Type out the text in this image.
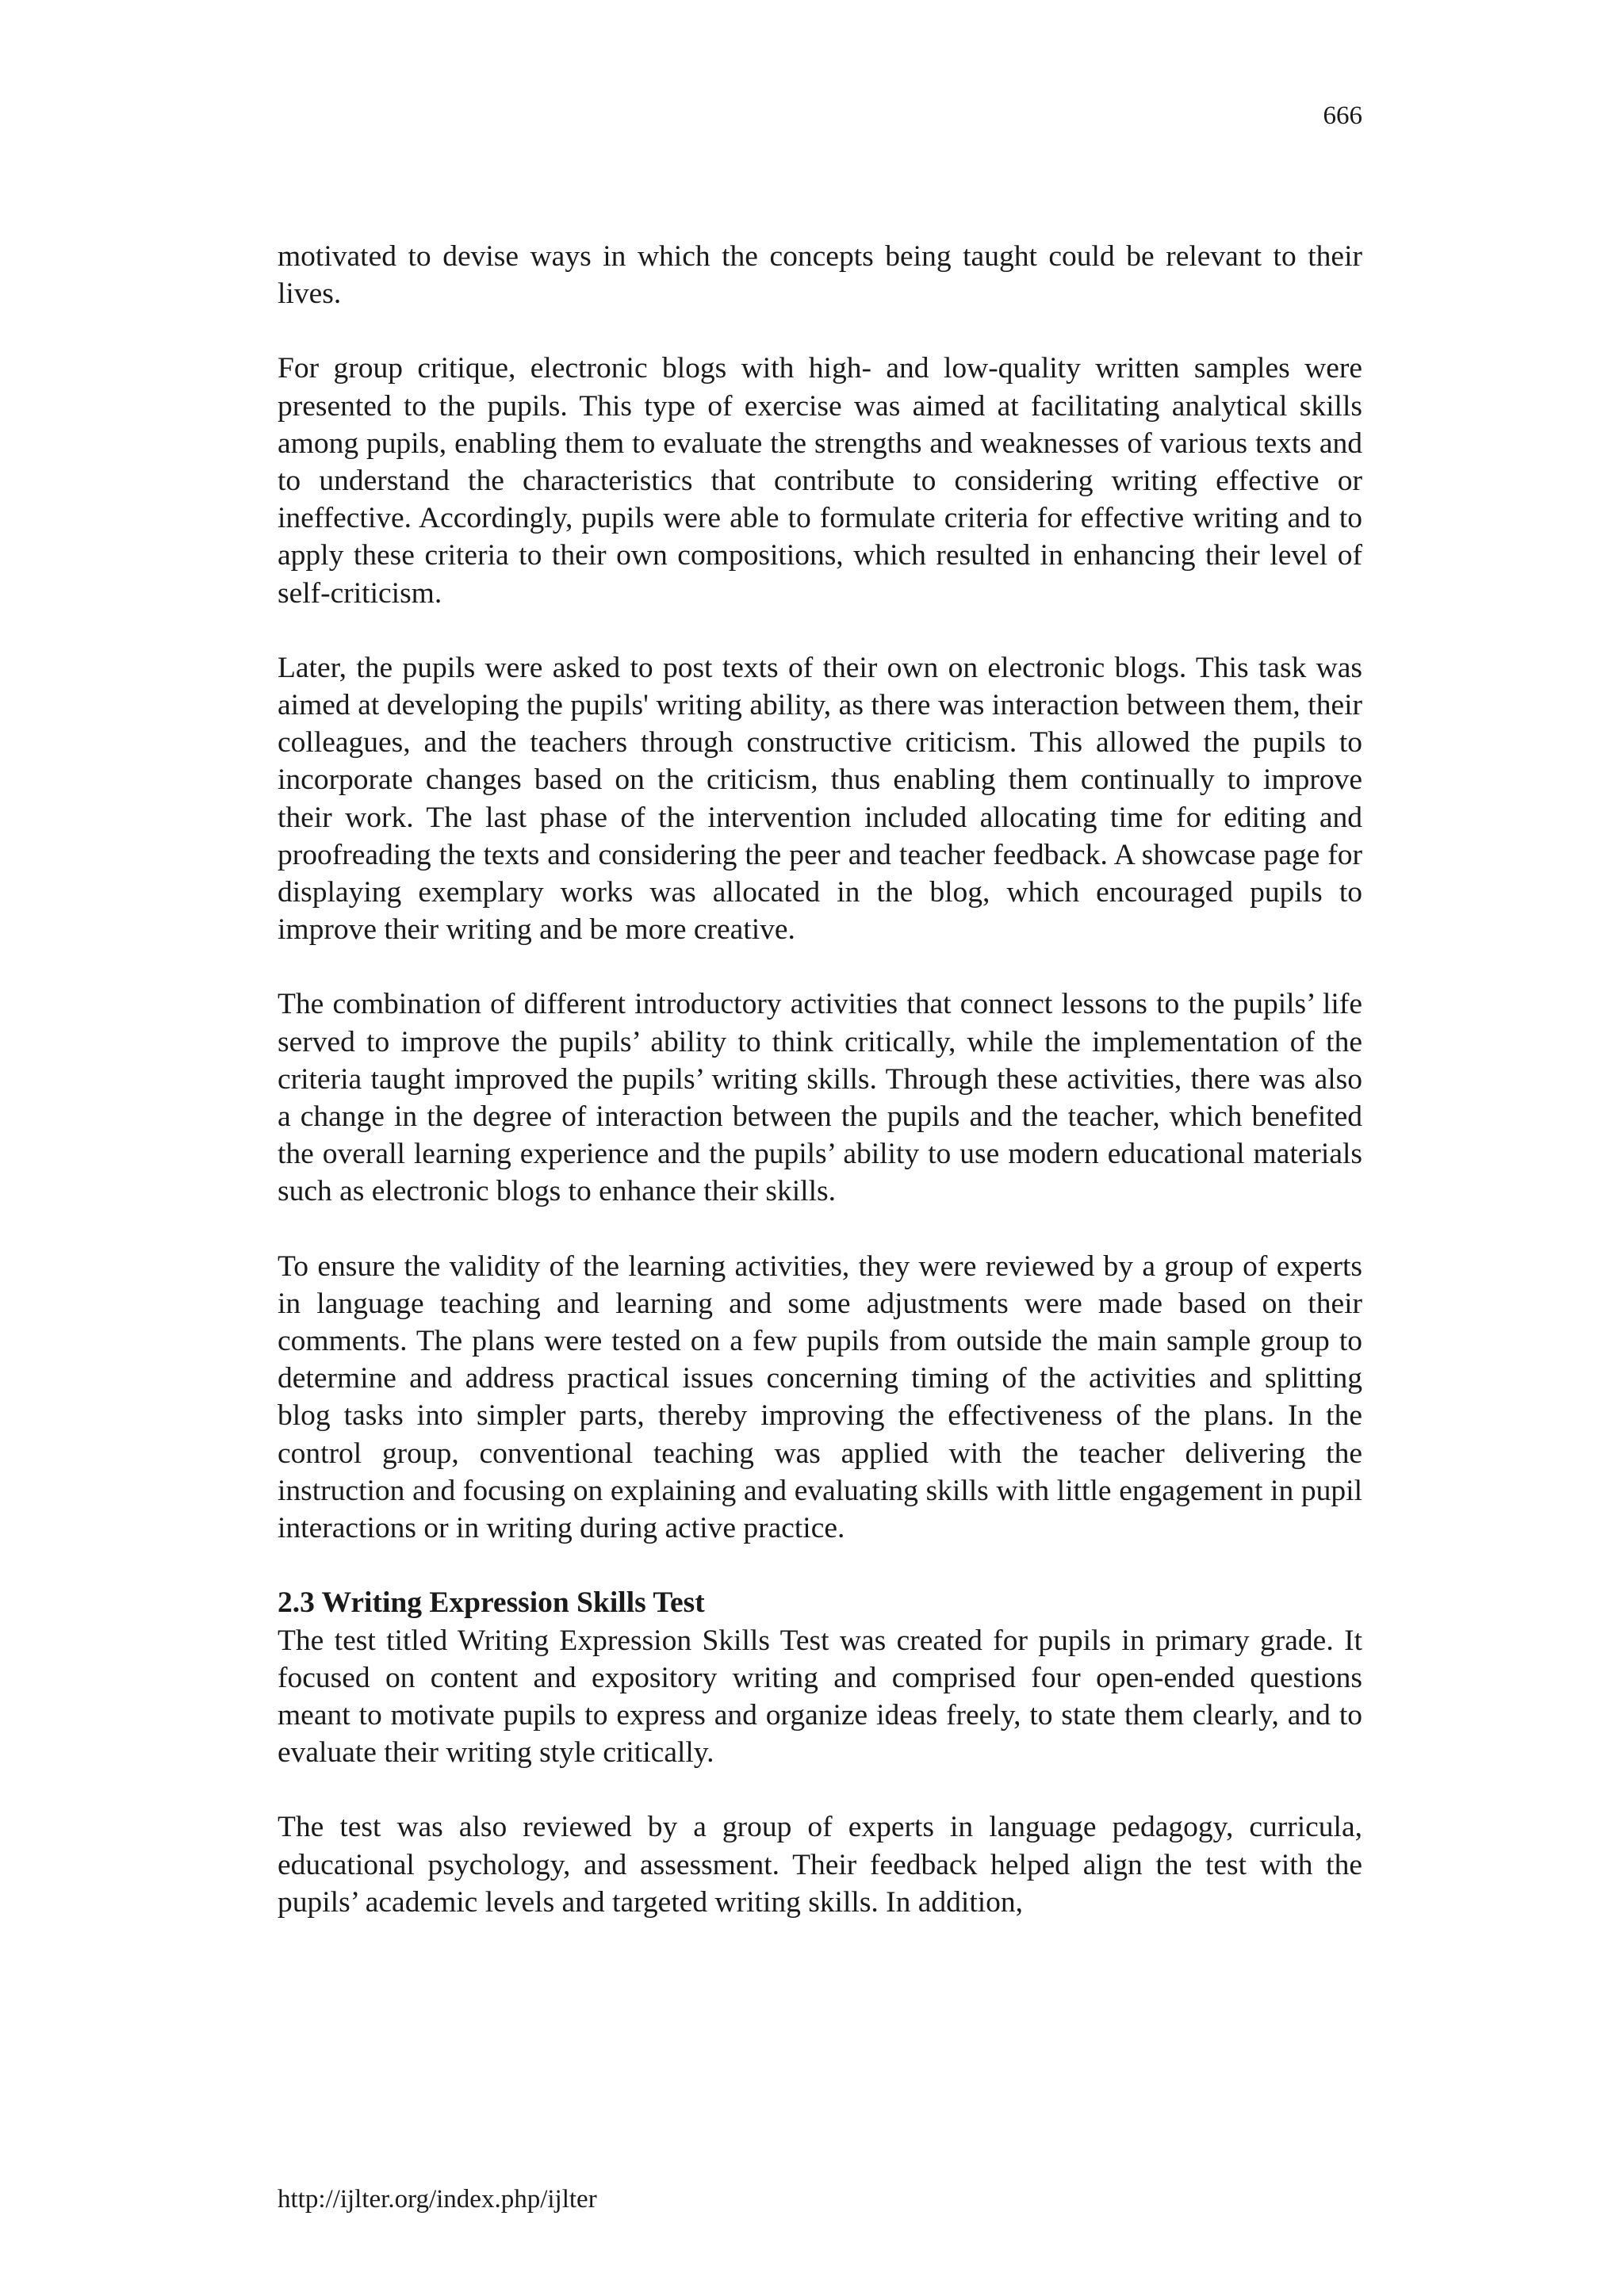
666

motivated to devise ways in which the concepts being taught could be relevant to their lives.

For group critique, electronic blogs with high- and low-quality written samples were presented to the pupils. This type of exercise was aimed at facilitating analytical skills among pupils, enabling them to evaluate the strengths and weaknesses of various texts and to understand the characteristics that contribute to considering writing effective or ineffective. Accordingly, pupils were able to formulate criteria for effective writing and to apply these criteria to their own compositions, which resulted in enhancing their level of self-criticism.

Later, the pupils were asked to post texts of their own on electronic blogs. This task was aimed at developing the pupils' writing ability, as there was interaction between them, their colleagues, and the teachers through constructive criticism. This allowed the pupils to incorporate changes based on the criticism, thus enabling them continually to improve their work. The last phase of the intervention included allocating time for editing and proofreading the texts and considering the peer and teacher feedback. A showcase page for displaying exemplary works was allocated in the blog, which encouraged pupils to improve their writing and be more creative.

The combination of different introductory activities that connect lessons to the pupils’ life served to improve the pupils’ ability to think critically, while the implementation of the criteria taught improved the pupils’ writing skills. Through these activities, there was also a change in the degree of interaction between the pupils and the teacher, which benefited the overall learning experience and the pupils’ ability to use modern educational materials such as electronic blogs to enhance their skills.

To ensure the validity of the learning activities, they were reviewed by a group of experts in language teaching and learning and some adjustments were made based on their comments. The plans were tested on a few pupils from outside the main sample group to determine and address practical issues concerning timing of the activities and splitting blog tasks into simpler parts, thereby improving the effectiveness of the plans. In the control group, conventional teaching was applied with the teacher delivering the instruction and focusing on explaining and evaluating skills with little engagement in pupil interactions or in writing during active practice.

2.3 Writing Expression Skills Test

The test titled Writing Expression Skills Test was created for pupils in primary grade. It focused on content and expository writing and comprised four open-ended questions meant to motivate pupils to express and organize ideas freely, to state them clearly, and to evaluate their writing style critically.

The test was also reviewed by a group of experts in language pedagogy, curricula, educational psychology, and assessment. Their feedback helped align the test with the pupils’ academic levels and targeted writing skills. In addition,

http://ijlter.org/index.php/ijlter
